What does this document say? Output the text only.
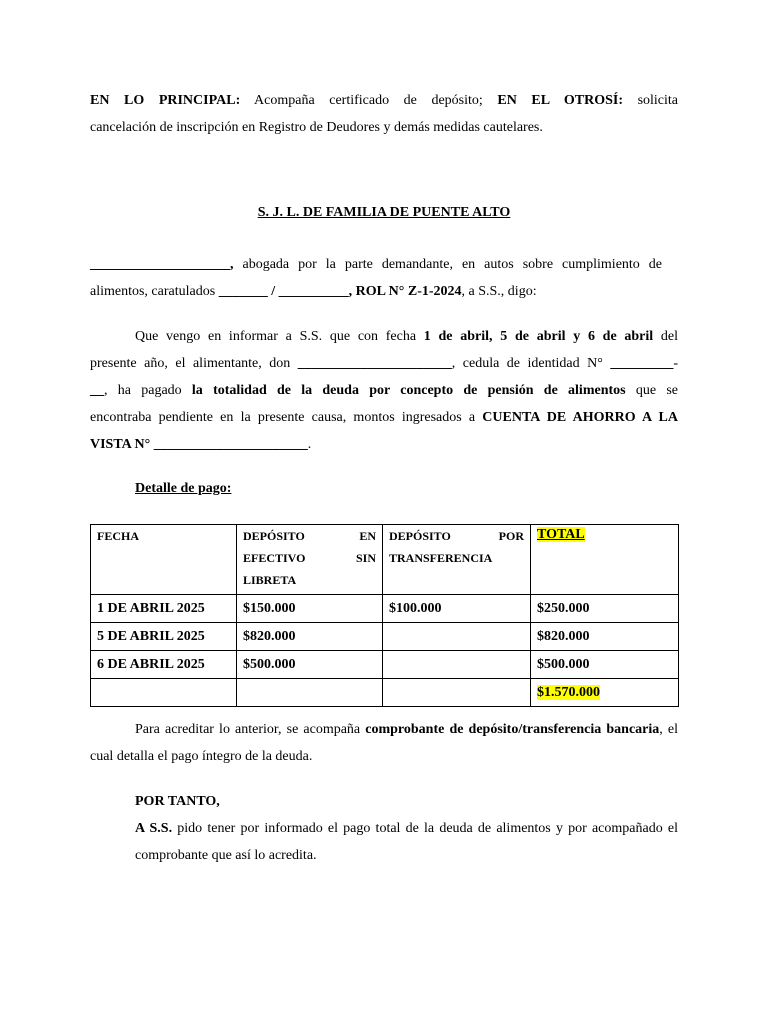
EN LO PRINCIPAL: Acompaña certificado de depósito; EN EL OTROSÍ: solicita
cancelación de inscripción en Registro de Deudores y demás medidas cautelares.
S. J. L. DE FAMILIA DE PUENTE ALTO
____________________, abogada por la parte demandante, en autos sobre cumplimiento de
alimentos, caratulados _______ / __________, ROL N° Z-1-2024, a S.S., digo:
Que vengo en informar a S.S. que con fecha 1 de abril, 5 de abril y 6 de abril del
presente año, el alimentante, don ______________________, cedula de identidad N° _________-
__, ha pagado la totalidad de la deuda por concepto de pensión de alimentos que se
encontraba pendiente en la presente causa, montos ingresados a CUENTA DE AHORRO A LA
VISTA N° ______________________.
Detalle de pago:
FECHA	DEPÓSITO EN EFECTIVO SIN LIBRETA	DEPÓSITO POR TRANSFERENCIA	TOTAL
1 DE ABRIL 2025	$150.000	$100.000	$250.000
5 DE ABRIL 2025	$820.000		$820.000
6 DE ABRIL 2025	$500.000		$500.000
			$1.570.000
Para acreditar lo anterior, se acompaña comprobante de depósito/transferencia bancaria, el cual detalla el pago íntegro de la deuda.
POR TANTO,
A S.S. pido tener por informado el pago total de la deuda de alimentos y por acompañado el comprobante que así lo acredita.
